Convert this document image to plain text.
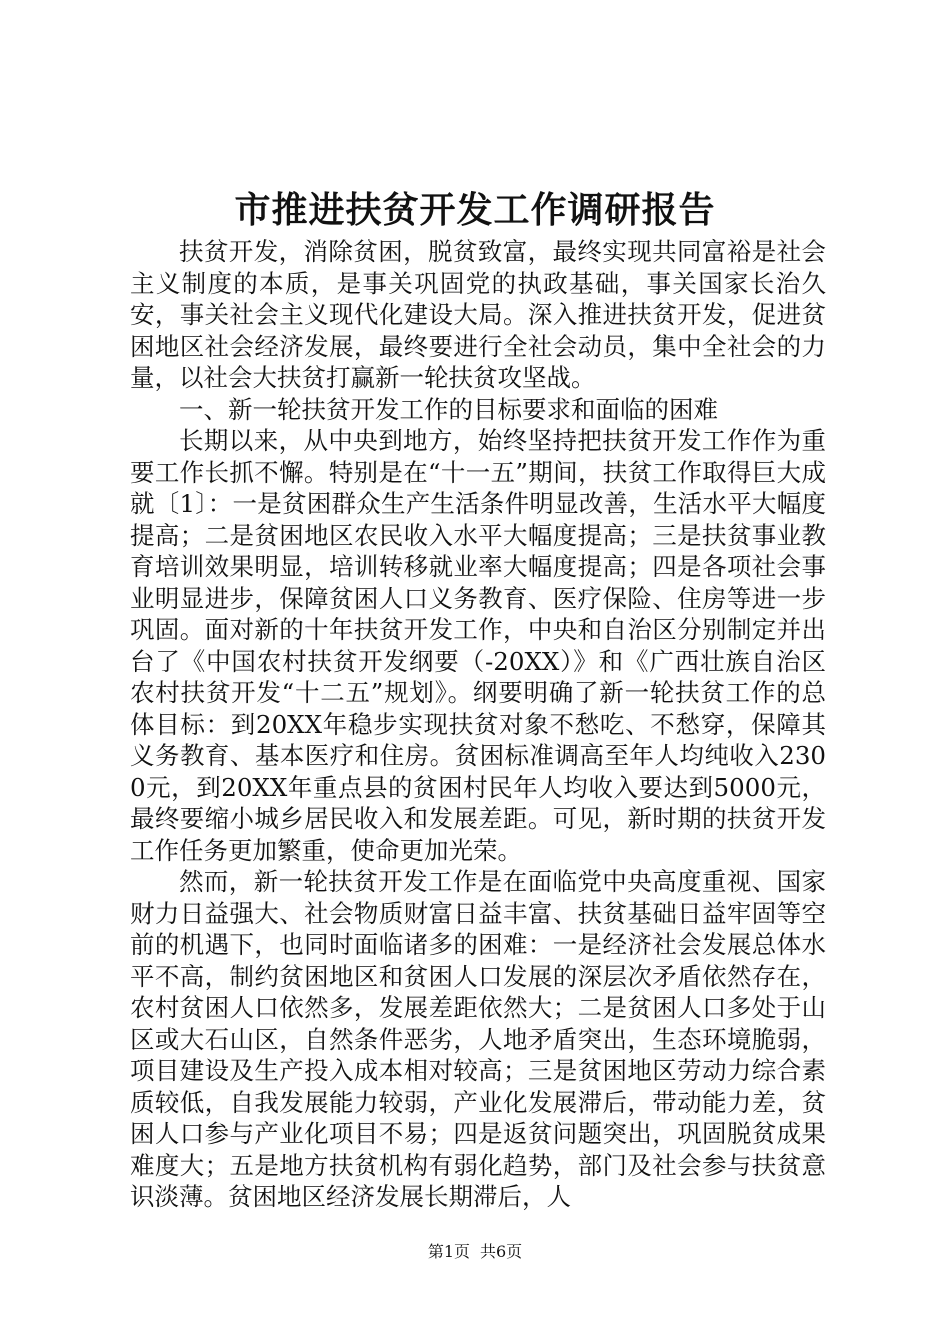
市推进扶贫开发工作调研报告

扶贫开发，消除贫困，脱贫致富，最终实现共同富裕是社会主义制度的本质，是事关巩固党的执政基础，事关国家长治久安，事关社会主义现代化建设大局。深入推进扶贫开发，促进贫困地区社会经济发展，最终要进行全社会动员，集中全社会的力量，以社会大扶贫打赢新一轮扶贫攻坚战。

一、新一轮扶贫开发工作的目标要求和面临的困难

长期以来，从中央到地方，始终坚持把扶贫开发工作作为重要工作长抓不懈。特别是在“十一五”期间，扶贫工作取得巨大成就〔1〕：一是贫困群众生产生活条件明显改善，生活水平大幅度提高；二是贫困地区农民收入水平大幅度提高；三是扶贫事业教育培训效果明显，培训转移就业率大幅度提高；四是各项社会事业明显进步，保障贫困人口义务教育、医疗保险、住房等进一步巩固。面对新的十年扶贫开发工作，中央和自治区分别制定并出台了《中国农村扶贫开发纲要（-20XX）》和《广西壮族自治区农村扶贫开发“十二五”规划》。纲要明确了新一轮扶贫工作的总体目标：到20XX年稳步实现扶贫对象不愁吃、不愁穿，保障其义务教育、基本医疗和住房。贫困标准调高至年人均纯收入2300元，到20XX年重点县的贫困村民年人均收入要达到5000元，最终要缩小城乡居民收入和发展差距。可见，新时期的扶贫开发工作任务更加繁重，使命更加光荣。

然而，新一轮扶贫开发工作是在面临党中央高度重视、国家财力日益强大、社会物质财富日益丰富、扶贫基础日益牢固等空前的机遇下，也同时面临诸多的困难：一是经济社会发展总体水平不高，制约贫困地区和贫困人口发展的深层次矛盾依然存在，农村贫困人口依然多，发展差距依然大；二是贫困人口多处于山区或大石山区，自然条件恶劣，人地矛盾突出，生态环境脆弱，项目建设及生产投入成本相对较高；三是贫困地区劳动力综合素质较低，自我发展能力较弱，产业化发展滞后，带动能力差，贫困人口参与产业化项目不易；四是返贫问题突出，巩固脱贫成果难度大；五是地方扶贫机构有弱化趋势，部门及社会参与扶贫意识淡薄。贫困地区经济发展长期滞后，人

第1页 共6页
